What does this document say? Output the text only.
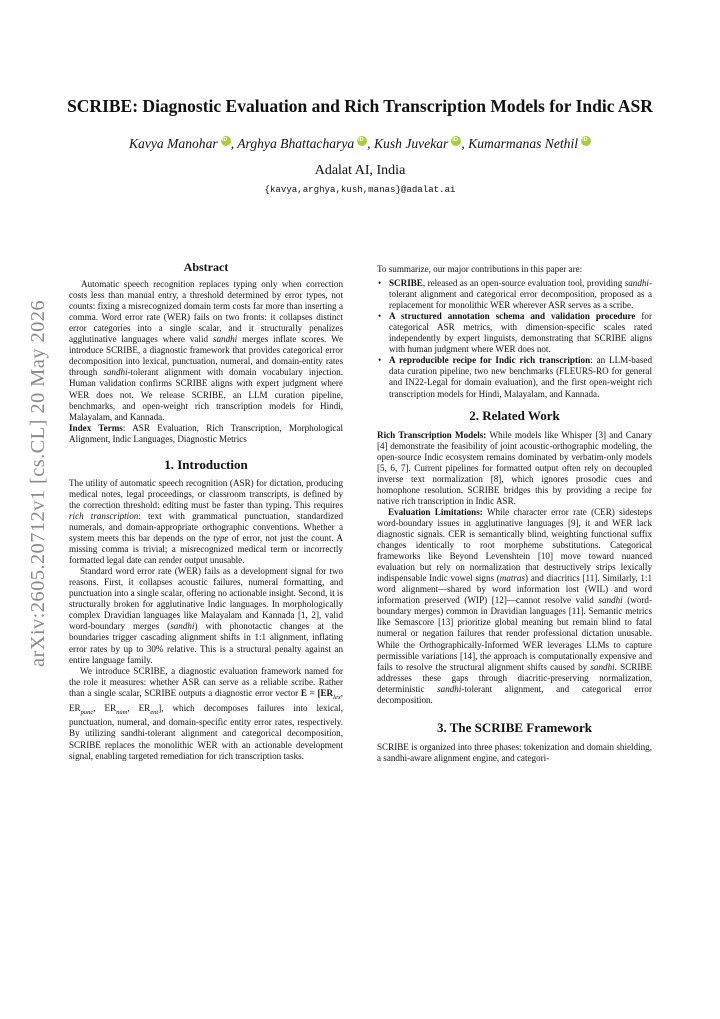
arXiv:2605.20712v1 [cs.CL] 20 May 2026
SCRIBE: Diagnostic Evaluation and Rich Transcription Models for Indic ASR
Kavya Manohar iD , Arghya Bhattacharya iD , Kush Juvekar iD , Kumarmanas NethiliD
Adalat AI, India
{kavya,arghya,kush,manas}@adalat.ai
Abstract

Automatic speech recognition replaces typing only when correction costs less than manual entry, a threshold determined by error types, not counts: fixing a misrecognized domain term costs far more than inserting a comma. Word error rate (WER) fails on two fronts: it collapses distinct error categories into a single scalar, and it structurally penalizes agglutinative languages where valid sandhi merges inflate scores. We introduce SCRIBE, a diagnostic framework that provides categorical error decomposition into lexical, punctuation, numeral, and domain-entity rates through sandhi-tolerant alignment with domain vocabulary injection. Human validation confirms SCRIBE aligns with expert judgment where WER does not. We release SCRIBE, an LLM curation pipeline, benchmarks, and open-weight rich transcription models for Hindi, Malayalam, and Kannada.

Index Terms: ASR Evaluation, Rich Transcription, Morphological Alignment, Indic Languages, Diagnostic Metrics

1. Introduction

The utility of automatic speech recognition (ASR) for dictation, producing medical notes, legal proceedings, or classroom transcripts, is defined by the correction threshold: editing must be faster than typing. This requires rich transcription: text with grammatical punctuation, standardized numerals, and domain-appropriate orthographic conventions. Whether a system meets this bar depends on the type of error, not just the count. A missing comma is trivial; a misrecognized medical term or incorrectly formatted legal date can render output unusable.

Standard word error rate (WER) fails as a development signal for two reasons. First, it collapses acoustic failures, numeral formatting, and punctuation into a single scalar, offering no actionable insight. Second, it is structurally broken for agglutinative Indic languages. In morphologically complex Dravidian languages like Malayalam and Kannada [1, 2], valid word-boundary merges (sandhi) with phonotactic changes at the boundaries trigger cascading alignment shifts in 1:1 alignment, inflating error rates by up to 30% relative. This is a structural penalty against an entire language family.

We introduce SCRIBE, a diagnostic evaluation framework named for the role it measures: whether ASR can serve as a reliable scribe. Rather than a single scalar, SCRIBE outputs a diagnostic error vector $E = [ER_{lex}$, $ER_{punc}$, $ER_{num}$, $ER_{ent}$], which decomposes failures into lexical, punctuation, numeral, and domain-specific entity error rates, respectively. By utilizing sandhi-tolerant alignment and categorical decomposition, SCRIBE replaces the monolithic WER with an actionable development signal, enabling targeted remediation for rich transcription tasks.

To summarize, our major contributions in this paper are:

• SCRIBE, released as an open-source evaluation tool, providing sandhi-tolerant alignment and categorical error decomposition, proposed as a replacement for monolithic WER wherever ASR serves as a scribe.
• A structured annotation schema and validation procedure for categorical ASR metrics, with dimension-specific scales rated independently by expert linguists, demonstrating that SCRIBE aligns with human judgment where WER does not.
• A reproducible recipe for Indic rich transcription: an LLM-based data curation pipeline, two new benchmarks (FLEURS-RO for general and IN22-Legal for domain evaluation), and the first open-weight rich transcription models for Hindi, Malayalam, and Kannada.
2. Related Work

Rich Transcription Models: While models like Whisper [3] and Canary [4] demonstrate the feasibility of joint acoustic-orthographic modeling, the open-source Indic ecosystem remains dominated by verbatim-only models [5, 6, 7]. Current pipelines for formatted output often rely on decoupled inverse text normalization [8], which ignores prosodic cues and homophone resolution. SCRIBE bridges this by providing a recipe for native rich transcription in Indic ASR.

Evaluation Limitations: While character error rate (CER) sidesteps word-boundary issues in agglutinative languages [9], it and WER lack diagnostic signals. CER is semantically blind, weighting functional suffix changes identically to root morpheme substitutions. Categorical frameworks like Beyond Levenshtein [10] move toward nuanced evaluation but rely on normalization that destructively strips lexically indispensable Indic vowel signs (matras) and diacritics [11]. Similarly, 1:1 word alignment—shared by word information lost (WIL) and word information preserved (WIP) [12]—cannot resolve valid sandhi (word-boundary merges) common in Dravidian languages [11]. Semantic metrics like Semascore [13] prioritize global meaning but remain blind to fatal numeral or negation failures that render professional dictation unusable. While the Orthographically-Informed WER leverages LLMs to capture permissible variations [14], the approach is computationally expensive and fails to resolve the structural alignment shifts caused by sandhi. SCRIBE addresses these gaps through diacritic-preserving normalization, deterministic sandhi-tolerant alignment, and categorical error decomposition.

3. The SCRIBE Framework

SCRIBE is organized into three phases: tokenization and domain shielding, a sandhi-aware alignment engine, and categori-
